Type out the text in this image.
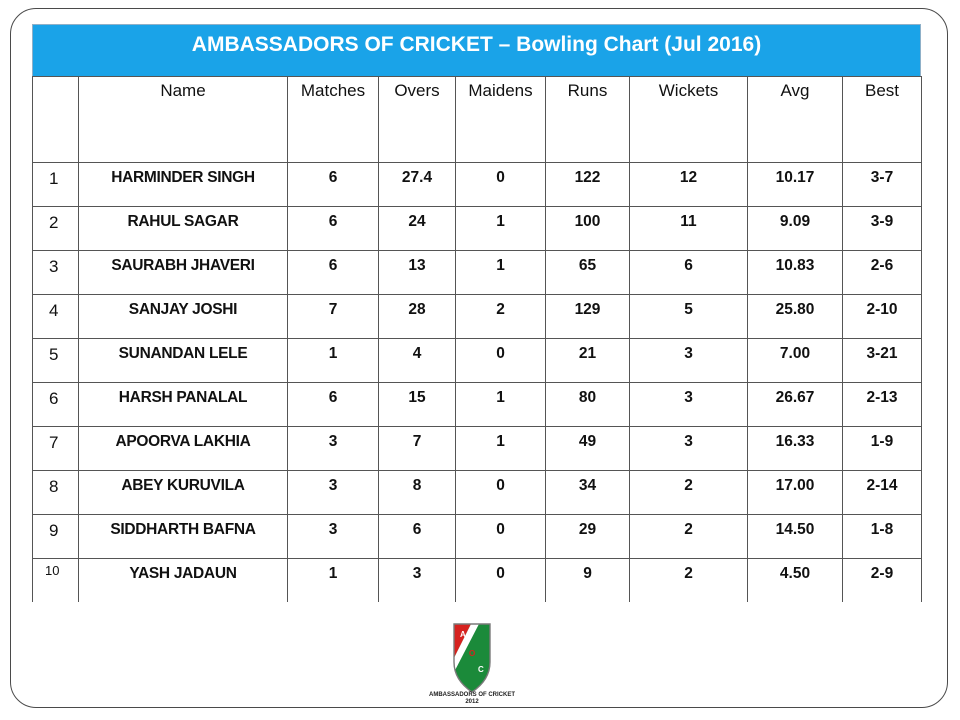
AMBASSADORS OF CRICKET – Bowling Chart (Jul 2016)
	Name	Matches	Overs	Maidens	Runs	Wickets	Avg	Best
1	HARMINDER SINGH	6	27.4	0	122	12	10.17	3-7
2	RAHUL SAGAR	6	24	1	100	11	9.09	3-9
3	SAURABH JHAVERI	6	13	1	65	6	10.83	2-6
4	SANJAY JOSHI	7	28	2	129	5	25.80	2-10
5	SUNANDAN LELE	1	4	0	21	3	7.00	3-21
6	HARSH PANALAL	6	15	1	80	3	26.67	2-13
7	APOORVA LAKHIA	3	7	1	49	3	16.33	1-9
8	ABEY KURUVILA	3	8	0	34	2	17.00	2-14
9	SIDDHARTH BAFNA	3	6	0	29	2	14.50	1-8
10	YASH JADAUN	1	3	0	9	2	4.50	2-9
A
O
C
AMBASSADORS OF CRICKET
2012
